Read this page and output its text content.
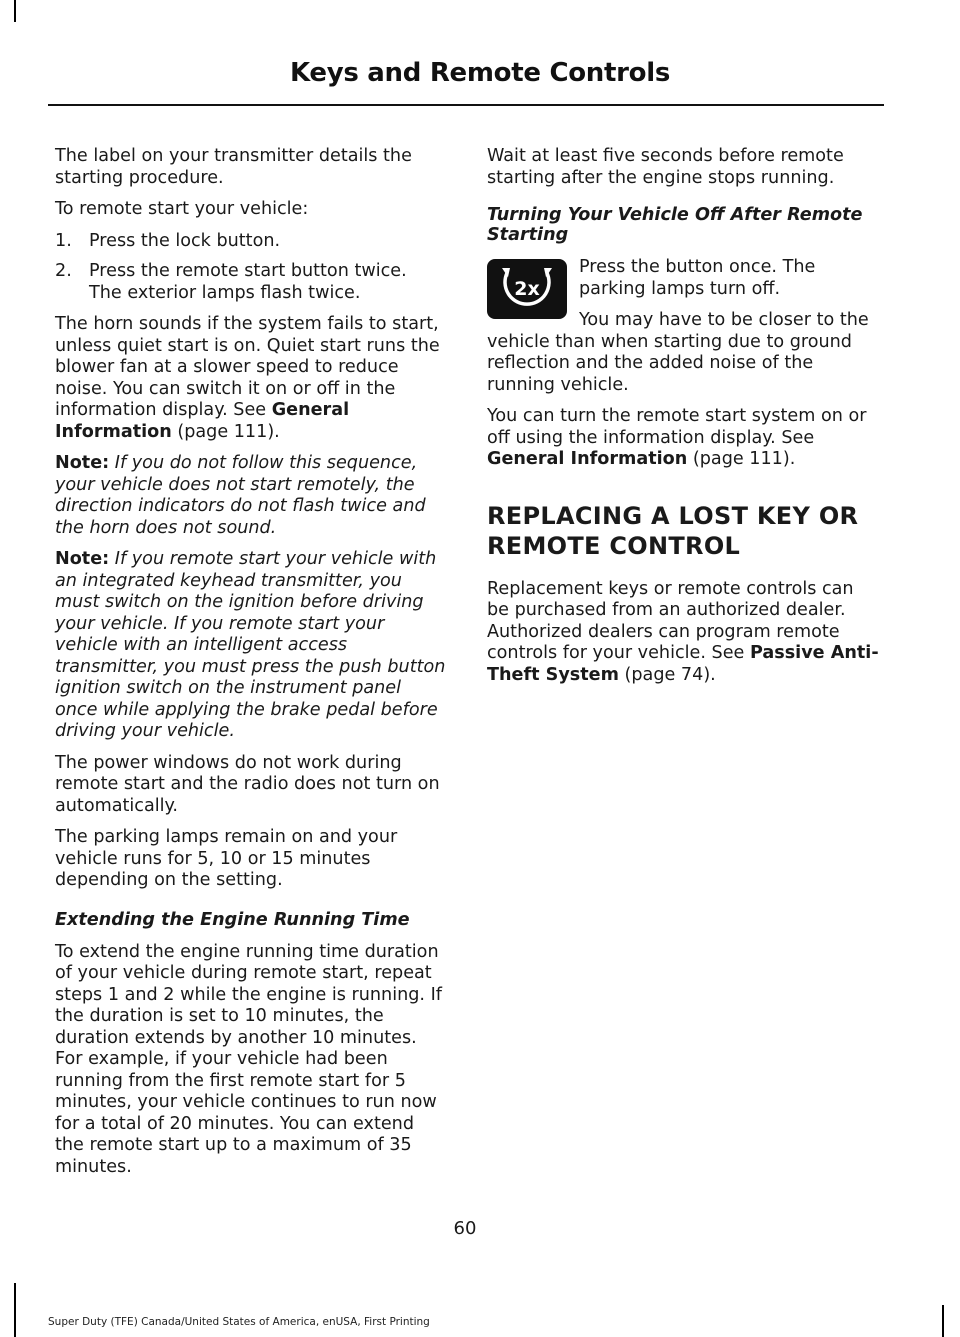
Keys and Remote Controls

The label on your transmitter details the starting procedure.

To remote start your vehicle:

1. Press the lock button.
2. Press the remote start button twice.
The exterior lamps flash twice.

The horn sounds if the system fails to start, unless quiet start is on. Quiet start runs the blower fan at a slower speed to reduce noise. You can switch it on or off in the information display. See General Information (page 111).

Note: If you do not follow this sequence, your vehicle does not start remotely, the direction indicators do not flash twice and the horn does not sound.

Note: If you remote start your vehicle with an integrated keyhead transmitter, you must switch on the ignition before driving your vehicle. If you remote start your vehicle with an intelligent access transmitter, you must press the push button ignition switch on the instrument panel once while applying the brake pedal before driving your vehicle.

The power windows do not work during remote start and the radio does not turn on automatically.

The parking lamps remain on and your vehicle runs for 5, 10 or 15 minutes depending on the setting.

Extending the Engine Running Time

To extend the engine running time duration of your vehicle during remote start, repeat steps 1 and 2 while the engine is running. If the duration is set to 10 minutes, the duration extends by another 10 minutes. For example, if your vehicle had been running from the first remote start for 5 minutes, your vehicle continues to run now for a total of 20 minutes. You can extend the remote start up to a maximum of 35 minutes.

Wait at least five seconds before remote starting after the engine stops running.

Turning Your Vehicle Off After Remote Starting
2x

Press the button once. The parking lamps turn off.

You may have to be closer to the vehicle than when starting due to ground reflection and the added noise of the running vehicle.

You can turn the remote start system on or off using the information display. See General Information (page 111).

REPLACING A LOST KEY OR
REMOTE CONTROL

Replacement keys or remote controls can be purchased from an authorized dealer. Authorized dealers can program remote controls for your vehicle. See Passive Anti-Theft System (page 74).

60
Super Duty (TFE) Canada/United States of America, enUSA, First Printing
